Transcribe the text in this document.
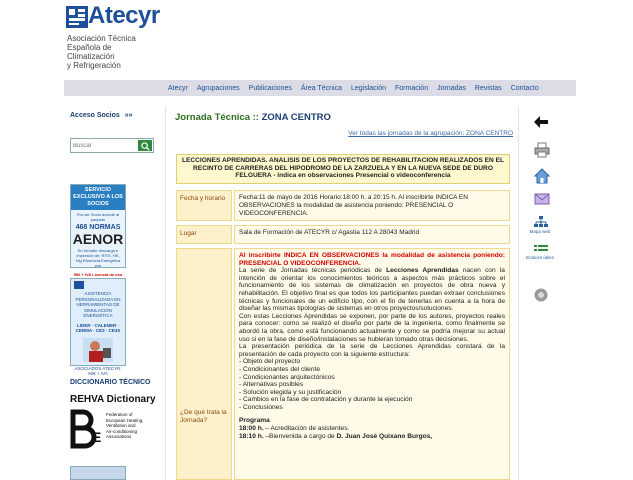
Atecyr
Asociación Técnica
Española de
Climatización
y Refrigeración
Atecyr Agrupaciones Publicaciones Área Técnica Legislación Formación Jornadas Revistas Contacto
Acceso Socios »»
Buscar
SERVICIO EXCLUSIVO A LOS SOCIOS
Por ser Socio accede al paquete
468 NORMAS
AENOR
En formato descarga e impresión de: RITE, HE, Hlg Eficiencia Energética pue
55€ + IVA Licencia de uso
ASISTENCIA PERSONALIZADA EN HERRAMIENTAS DE SIMULACIÓN ENERGÉTICA
LIDER · CALENER · CERMA · CE3 · CE3X
ASOCIADOS ATECYR: 60€ + IVA
DICCIONARIO TÉCNICO
REHVA Dictionary
E
Federation of
European Heating,
Ventilation and
Air-conditioning
Associations
Jornada Técnica :: ZONA CENTRO
Ver todas las jornadas de la agrupación: ZONA CENTRO
LECCIONES APRENDIDAS. ANALISIS DE LOS PROYECTOS DE REHABILITACION REALIZADOS EN EL RECINTO DE CARRERAS DEL HIPODROMO DE LA ZARZUELA Y EN LA NUEVA SEDE DE DURO FELGUERA - indica en observaciones Presencial o videoconferencia
Fecha y horario	Fecha:11 de mayo de 2016 Horario:18:00 h. a 20:15 h. Al inscribirte INDICA EN OBSERVACIONES la modalidad de asistencia poniendo: PRESENCIAL O VIDEOCONFERENCIA.
Lugar	Sala de Formación de ATECYR c/ Agastia 112 A 28043 Madrid
¿De qué trata la Jornada?

Al inscribirte INDICA EN OBSERVACIONES la modalidad de asistencia poniendo: PRESENCIAL O VIDEOCONFERENCIA.

La serie de Jornadas técnicas periódicas de Lecciones Aprendidas nacen con la intención de orientar los conocimientos teóricos a aspectos más prácticos sobre el funcionamiento de los sistemas de climatización en proyectos de obra nueva y rehabilitación. El objetivo final es que todos los participantes puedan extraer conclusiones técnicas y funcionales de un edificio tipo, con el fin de tenerlas en cuenta a la hora de diseñar las mismas tipologías de sistemas en otros proyectos/soluciones.

Con estas Lecciones Aprendidas se exponen, por parte de los autores, proyectos reales para conocer: como se realizó el diseño por parte de la ingeniería, como finalmente se abordó la obra, como está funcionando actualmente y como se podría mejorar su actual uso si en la fase de diseño/instalaciones se hubieran tomado otras decisiones.

La presentación periódica de la serie de Lecciones Aprendidas constará de la presentación de cada proyecto con la siguiente estructura:

- Objeto del proyecto
- Condicionantes del cliente
- Condicionantes arquitectónicos
- Alternativas posibles
- Solución elegida y su justificación
- Cambios en la fase de contratación y durante la ejecución
- Conclusiones

Programa

18:00 h. – Acreditación de asistentes.

18:10 h. –Bienvenida a cargo de D. Juan José Quixano Burgos,

Mapa web
Enlaces útiles
